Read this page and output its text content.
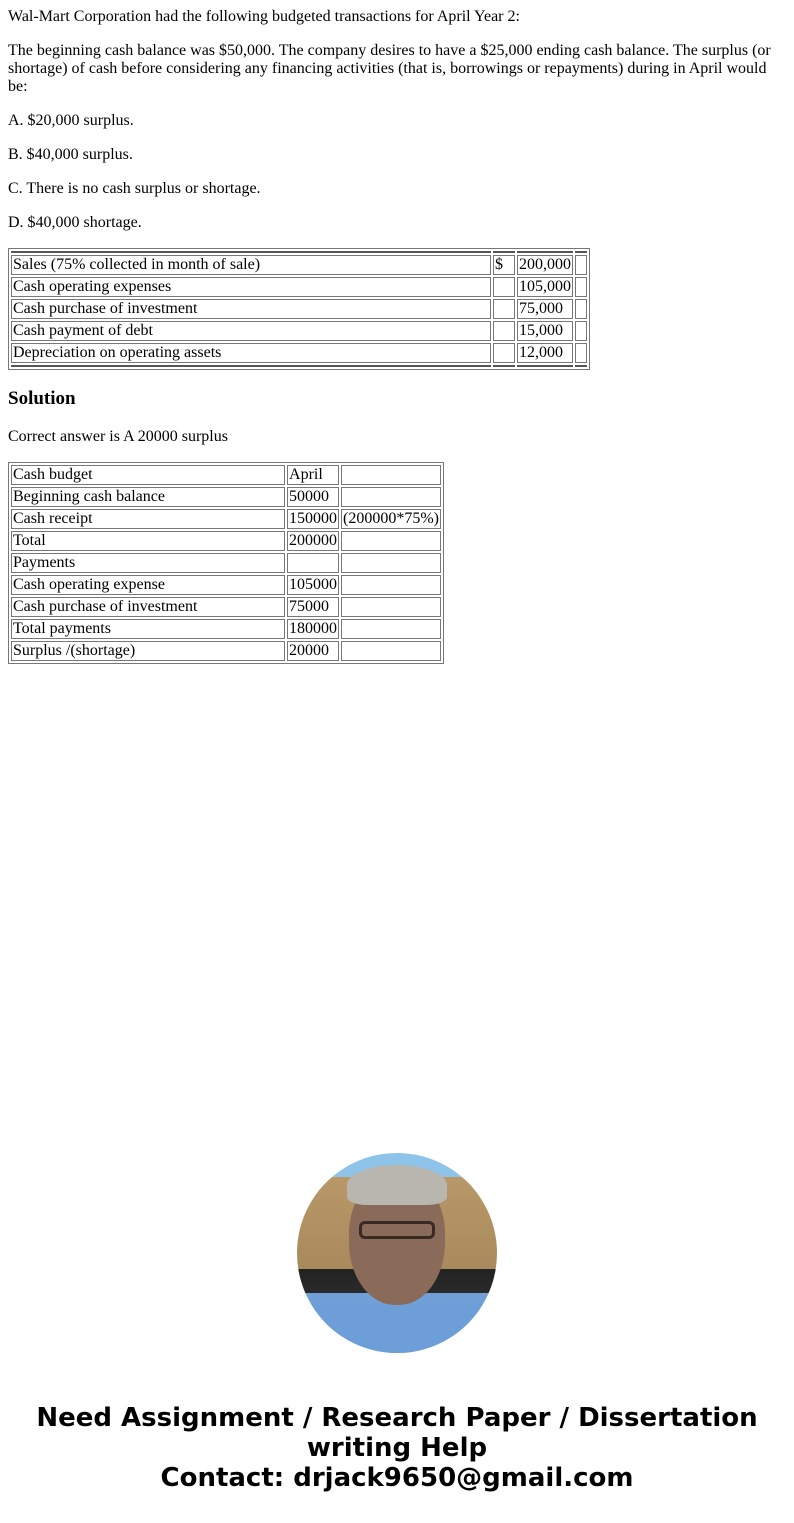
Wal-Mart Corporation had the following budgeted transactions for April Year 2:

The beginning cash balance was $50,000. The company desires to have a $25,000 ending cash balance. The surplus (or shortage) of cash before considering any financing activities (that is, borrowings or repayments) during in April would be:

A. $20,000 surplus.

B. $40,000 surplus.

C. There is no cash surplus or shortage.

D. $40,000 shortage.

Sales (75% collected in month of sale)	$	200,000	
Cash operating expenses		105,000	
Cash purchase of investment		75,000	
Cash payment of debt		15,000	
Depreciation on operating assets		12,000	

Solution

Correct answer is A 20000 surplus

Cash budget	April	
Beginning cash balance	50000	
Cash receipt	150000	(200000*75%)
Total	200000	
Payments		
Cash operating expense	105000	
Cash purchase of investment	75000	
Total payments	180000	
Surplus /(shortage)	20000	
Need Assignment / Research Paper / Dissertation writing Help
Contact: drjack9650@gmail.com
